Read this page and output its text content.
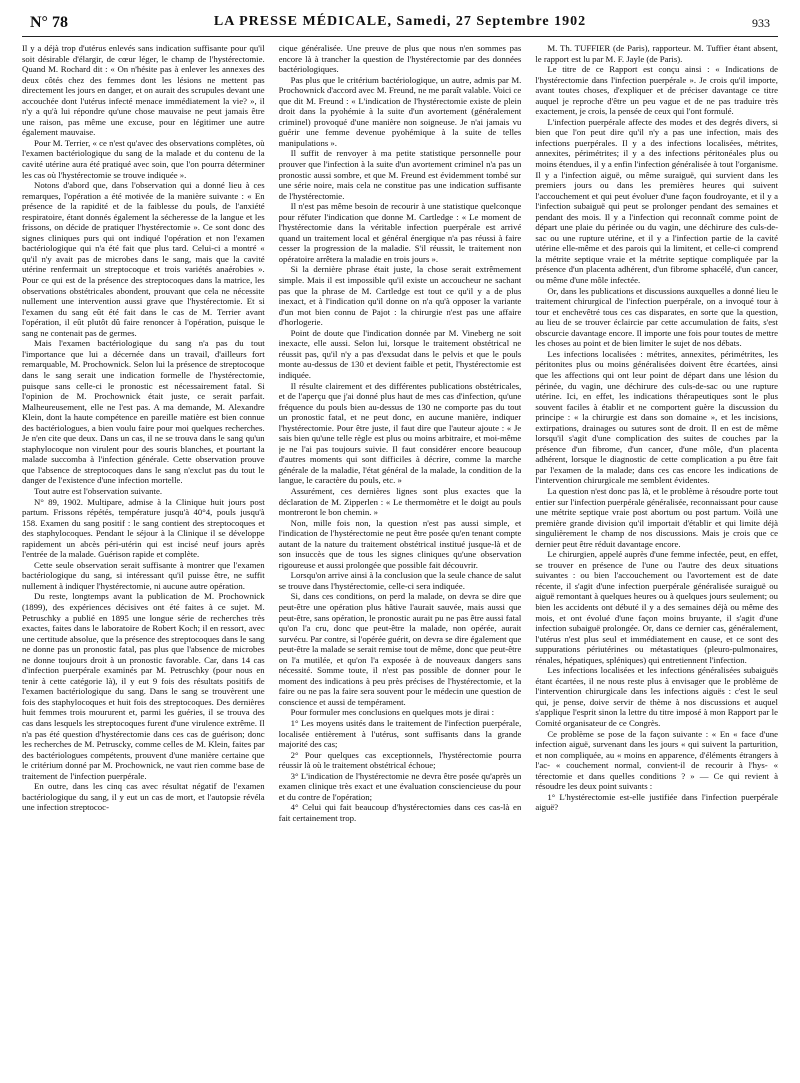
N° 78	LA PRESSE MÉDICALE, Samedi, 27 Septembre 1902	933

Il y a déjà trop d'utérus enlevés sans indication suffisante pour qu'il soit désirable d'élargir, de cœur léger, le champ de l'hystérectomie. Quand M. Rochard dit : « On n'hésite pas à enlever les annexes des deux côtés chez des femmes dont les lésions ne mettent pas directement les jours en danger, et on aurait des scrupules devant une accouchée dont l'utérus infecté menace immédiatement la vie? », il n'y a qu'à lui répondre qu'une chose mauvaise ne peut jamais être une raison, pas même une excuse, pour en légitimer une autre également mauvaise.

Pour M. Terrier, « ce n'est qu'avec des observations complètes, où l'examen bactériologique du sang de la malade et du contenu de la cavité utérine aura été pratiqué avec soin, que l'on pourra déterminer les cas où l'hystérectomie se trouve indiquée ».

Notons d'abord que, dans l'observation qui a donné lieu à ces remarques, l'opération a été motivée de la manière suivante : « En présence de la rapidité et de la faiblesse du pouls, de l'anxiété respiratoire, étant donnés également la sécheresse de la langue et les frissons, on décide de pratiquer l'hystérectomie ». Ce sont donc des signes cliniques purs qui ont indiqué l'opération et non l'examen bactériologique qui n'a été fait que plus tard. Celui-ci a montré « qu'il n'y avait pas de microbes dans le sang, mais que la cavité utérine renfermait un streptocoque et trois variétés anaérobies ». Pour ce qui est de la présence des streptocoques dans la matrice, les observations obstétricales abondent, prouvant que cela ne nécessite nullement une intervention aussi grave que l'hystérectomie. Et si l'examen du sang eût été fait dans le cas de M. Terrier avant l'opération, il eût plutôt dû faire renoncer à l'opération, puisque le sang ne contenait pas de germes.

Mais l'examen bactériologique du sang n'a pas du tout l'importance que lui a décernée dans un travail, d'ailleurs fort remarquable, M. Prochownick. Selon lui la présence de streptocoque dans le sang serait une indication formelle de l'hystérectomie, puisque sans celle-ci le pronostic est nécessairement fatal. Si l'opinion de M. Prochownick était juste, ce serait parfait. Malheureusement, elle ne l'est pas. A ma demande, M. Alexandre Klein, dont la haute compétence en pareille matière est bien connue des bactériologues, a bien voulu faire pour moi quelques recherches. Je n'en cite que deux. Dans un cas, il ne se trouva dans le sang qu'un staphylocoque non virulent pour des souris blanches, et pourtant la malade succomba à l'infection générale. Cette observation prouve que l'absence de streptocoques dans le sang n'exclut pas du tout le danger de l'existence d'une infection mortelle.

Tout autre est l'observation suivante.

N° 89, 1902. Multipare, admise à la Clinique huit jours post partum. Frissons répétés, température jusqu'à 40°4, pouls jusqu'à 158. Examen du sang positif : le sang contient des streptocoques et des staphylocoques. Pendant le séjour à la Clinique il se développe rapidement un abcès péri-utérin qui est incisé neuf jours après l'entrée de la malade. Guérison rapide et complète.

Cette seule observation serait suffisante à montrer que l'examen bactériologique du sang, si intéressant qu'il puisse être, ne suffit nullement à indiquer l'hystérectomie, ni aucune autre opération.

Du reste, longtemps avant la publication de M. Prochownick (1899), des expériences décisives ont été faites à ce sujet. M. Petruschky a publié en 1895 une longue série de recherches très exactes, faites dans le laboratoire de Robert Koch; il en ressort, avec une certitude absolue, que la présence des streptocoques dans le sang ne donne pas un pronostic fatal, pas plus que l'absence de microbes ne donne toujours droit à un pronostic favorable. Car, dans 14 cas d'infection puerpérale examinés par M. Petruschky (pour nous en tenir à cette catégorie là), il y eut 9 fois des résultats positifs de l'examen bactériologique du sang. Dans le sang se trouvèrent une fois des staphylocoques et huit fois des streptocoques. Des dernières huit femmes trois moururent et, parmi les guéries, il se trouva des cas dans lesquels les streptocoques furent d'une virulence extrême. Il n'a pas été question d'hystérectomie dans ces cas de guérison; donc les recherches de M. Petruscky, comme celles de M. Klein, faites par des bactériologues compétents, prouvent d'une manière certaine que le critérium donné par M. Prochownick, ne vaut rien comme base de traitement de l'infection puerpérale.

En outre, dans les cinq cas avec résultat négatif de l'examen bactériologique du sang, il y eut un cas de mort, et l'autopsie révéla une infection streptococ-

cique généralisée. Une preuve de plus que nous n'en sommes pas encore là à trancher la question de l'hystérectomie par des données bactériologiques.

Pas plus que le critérium bactériologique, un autre, admis par M. Prochownick d'accord avec M. Freund, ne me paraît valable. Voici ce que dit M. Freund : « L'indication de l'hystérectomie existe de plein droit dans la pyohémie à la suite d'un avortement (généralement criminel) provoqué d'une manière non soigneuse. Je n'ai jamais vu guérir une femme devenue pyohémique à la suite de telles manipulations ».

Il suffit de renvoyer à ma petite statistique personnelle pour prouver que l'infection à la suite d'un avortement criminel n'a pas un pronostic aussi sombre, et que M. Freund est évidemment tombé sur une série noire, mais cela ne constitue pas une indication suffisante de l'hystérectomie.

Il n'est pas même besoin de recourir à une statistique quelconque pour réfuter l'indication que donne M. Cartledge : « Le moment de l'hystérectomie dans la véritable infection puerpérale est arrivé quand un traitement local et général énergique n'a pas réussi à faire cesser la progression de la maladie. S'il réussit, le traitement non opératoire arrêtera la maladie en trois jours ».

Si la dernière phrase était juste, la chose serait extrêmement simple. Mais il est impossible qu'il existe un accoucheur ne sachant pas que la phrase de M. Cartledge est tout ce qu'il y a de plus inexact, et à l'indication qu'il donne on n'a qu'à opposer la variante d'un mot bien connu de Pajot : la chirurgie n'est pas une affaire d'horlogerie.

Point de doute que l'indication donnée par M. Vineberg ne soit inexacte, elle aussi. Selon lui, lorsque le traitement obstétrical ne réussit pas, qu'il n'y a pas d'exsudat dans le pelvis et que le pouls monte au-dessus de 130 et devient faible et petit, l'hystérectomie est indiquée.

Il résulte clairement et des différentes publications obstétricales, et de l'aperçu que j'ai donné plus haut de mes cas d'infection, qu'une fréquence du pouls bien au-dessus de 130 ne comporte pas du tout un pronostic fatal, et ne peut donc, en aucune manière, indiquer l'hystérectomie. Pour être juste, il faut dire que l'auteur ajoute : « Je sais bien qu'une telle règle est plus ou moins arbitraire, et moi-même je ne l'ai pas toujours suivie. Il faut considérer encore beaucoup d'autres moments qui sont difficiles à décrire, comme la marche générale de la maladie, l'état général de la malade, la condition de la langue, le caractère du pouls, etc. »

Assurément, ces dernières lignes sont plus exactes que la déclaration de M. Zipperlen : « Le thermomètre et le doigt au pouls montreront le bon chemin. »

Non, mille fois non, la question n'est pas aussi simple, et l'indication de l'hystérectomie ne peut être posée qu'en tenant compte autant de la nature du traitement obstétrical institué jusque-là et de son insuccès que de tous les signes cliniques qu'une observation rigoureuse et aussi prolongée que possible fait découvrir.

Lorsqu'on arrive ainsi à la conclusion que la seule chance de salut se trouve dans l'hystérectomie, celle-ci sera indiquée.

Si, dans ces conditions, on perd la malade, on devra se dire que peut-être une opération plus hâtive l'aurait sauvée, mais aussi que peut-être, sans opération, le pronostic aurait pu ne pas être aussi fatal qu'on l'a cru, donc que peut-être la malade, non opérée, aurait survécu. Par contre, si l'opérée guérit, on devra se dire également que peut-être la malade se serait remise tout de même, donc que peut-être on l'a mutilée, et qu'on l'a exposée à de nouveaux dangers sans nécessité. Somme toute, il n'est pas possible de donner pour le moment des indications à peu près précises de l'hystérectomie, et la faire ou ne pas la faire sera souvent pour le médecin une question de conscience et aussi de tempérament.

Pour formuler mes conclusions en quelques mots je dirai :

1° Les moyens usités dans le traitement de l'infection puerpérale, localisée entièrement à l'utérus, sont suffisants dans la grande majorité des cas;

2° Pour quelques cas exceptionnels, l'hystérectomie pourra réussir là où le traitement obstétrical échoue;

3° L'indication de l'hystérectomie ne devra être posée qu'après un examen clinique très exact et une évaluation consciencieuse du pour et du contre de l'opération;

4° Celui qui fait beaucoup d'hystérectomies dans ces cas-là en fait certainement trop.

M. Th. TUFFIER (de Paris), rapporteur. M. Tuffier étant absent, le rapport est lu par M. F. Jayle (de Paris).

Le titre de ce Rapport est conçu ainsi : « Indications de l'hystérectomie dans l'infection puerpérale ». Je crois qu'il importe, avant toutes choses, d'expliquer et de préciser davantage ce titre auquel je reproche d'être un peu vague et de ne pas traduire très exactement, je crois, la pensée de ceux qui l'ont formulé.

L'infection puerpérale affecte des modes et des degrés divers, si bien que l'on peut dire qu'il n'y a pas une infection, mais des infections puerpérales. Il y a des infections localisées, métrites, annexites, périmétrites; il y a des infections péritonéales plus ou moins étendues, il y a enfin l'infection généralisée à tout l'organisme. Il y a l'infection aiguë, ou même suraiguë, qui survient dans les premiers jours ou dans les premières heures qui suivent l'accouchement et qui peut évoluer d'une façon foudroyante, et il y a l'infection subaiguë qui peut se prolonger pendant des semaines et pendant des mois. Il y a l'infection qui reconnaît comme point de départ une plaie du périnée ou du vagin, une déchirure des culs-de-sac ou une rupture utérine, et il y a l'infection partie de la cavité utérine elle-même et des parois qui la limitent, et celle-ci comprend la métrite septique vraie et la métrite septique compliquée par la présence d'un placenta adhérent, d'un fibrome sphacélé, d'un cancer, ou même d'une môle infectée.

Or, dans les publications et discussions auxquelles a donné lieu le traitement chirurgical de l'infection puerpérale, on a invoqué tour à tour et enchevêtré tous ces cas disparates, en sorte que la question, au lieu de se trouver éclaircie par cette accumulation de faits, s'est obscurcie davantage encore. Il importe une fois pour toutes de mettre les choses au point et de bien limiter le sujet de nos débats.

Les infections localisées : métrites, annexites, périmétrites, les péritonites plus ou moins généralisées doivent être écartées, ainsi que les affections qui ont leur point de départ dans une lésion du périnée, du vagin, une déchirure des culs-de-sac ou une rupture utérine. Ici, en effet, les indications thérapeutiques sont le plus souvent faciles à établir et ne comportent guère la discussion du principe : « la chirurgie est dans son domaine », et les incisions, extirpations, drainages ou sutures sont de droit. Il en est de même lorsqu'il s'agit d'une complication des suites de couches par la présence d'un fibrome, d'un cancer, d'une môle, d'un placenta adhérent, lorsque le diagnostic de cette complication a pu être fait par l'examen de la malade; dans ces cas encore les indications de l'intervention chirurgicale me semblent évidentes.

La question n'est donc pas là, et le problème à résoudre porte tout entier sur l'infection puerpérale généralisée, reconnaissant pour cause une métrite septique vraie post abortum ou post partum. Voilà une première grande division qu'il importait d'établir et qui limite déjà singulièrement le champ de nos discussions. Mais je crois que ce dernier peut être réduit davantage encore.

Le chirurgien, appelé auprès d'une femme infectée, peut, en effet, se trouver en présence de l'une ou l'autre des deux situations suivantes : ou bien l'accouchement ou l'avortement est de date récente, il s'agit d'une infection puerpérale généralisée suraiguë ou aiguë remontant à quelques heures ou à quelques jours seulement; ou bien les accidents ont débuté il y a des semaines déjà ou même des mois, et ont évolué d'une façon moins bruyante, il s'agit d'une infection subaiguë prolongée. Or, dans ce dernier cas, généralement, l'utérus n'est plus seul et immédiatement en cause, et ce sont des suppurations périutérines ou métastatiques (pleuro-pulmonaires, rénales, hépatiques, spléniques) qui entretiennent l'infection.

Les infections localisées et les infections généralisées subaiguës étant écartées, il ne nous reste plus à envisager que le problème de l'intervention chirurgicale dans les infections aiguës : c'est le seul qui, je pense, doive servir de thème à nos discussions et auquel s'applique l'esprit sinon la lettre du titre imposé à mon Rapport par le Comité organisateur de ce Congrès.

Ce problème se pose de la façon suivante : « En « face d'une infection aiguë, survenant dans les jours « qui suivent la parturition, et non compliquée, au « moins en apparence, d'éléments étrangers à l'ac- « couchement normal, convient-il de recourir à l'hys- « térectomie et dans quelles conditions ? » — Ce qui revient à résoudre les deux point suivants :

1° L'hystérectomie est-elle justifiée dans l'infection puerpérale aiguë?
